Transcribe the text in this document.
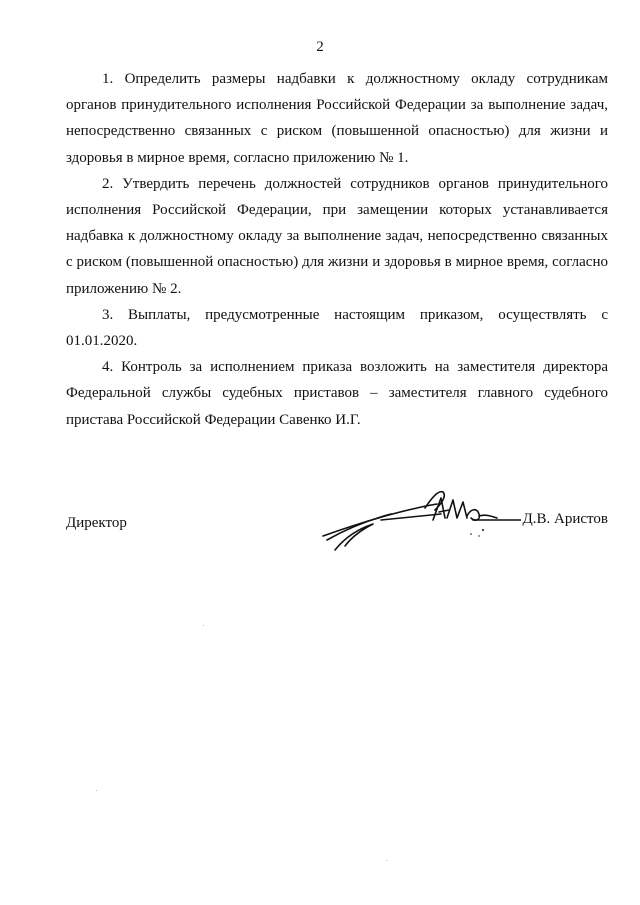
2

1. Определить размеры надбавки к должностному окладу сотрудникам органов принудительного исполнения Российской Федерации за выполнение задач, непосредственно связанных с риском (повышенной опасностью) для жизни и здоровья в мирное время, согласно приложению № 1.

2. Утвердить перечень должностей сотрудников органов принудительного исполнения Российской Федерации, при замещении которых устанавливается надбавка к должностному окладу за выполнение задач, непосредственно связанных с риском (повышенной опасностью) для жизни и здоровья в мирное время, согласно приложению № 2.

3. Выплаты, предусмотренные настоящим приказом, осуществлять с 01.01.2020.

4. Контроль за исполнением приказа возложить на заместителя директора Федеральной службы судебных приставов – заместителя главного судебного пристава Российской Федерации Савенко И.Г.

Директор	Д.В. Аристов
